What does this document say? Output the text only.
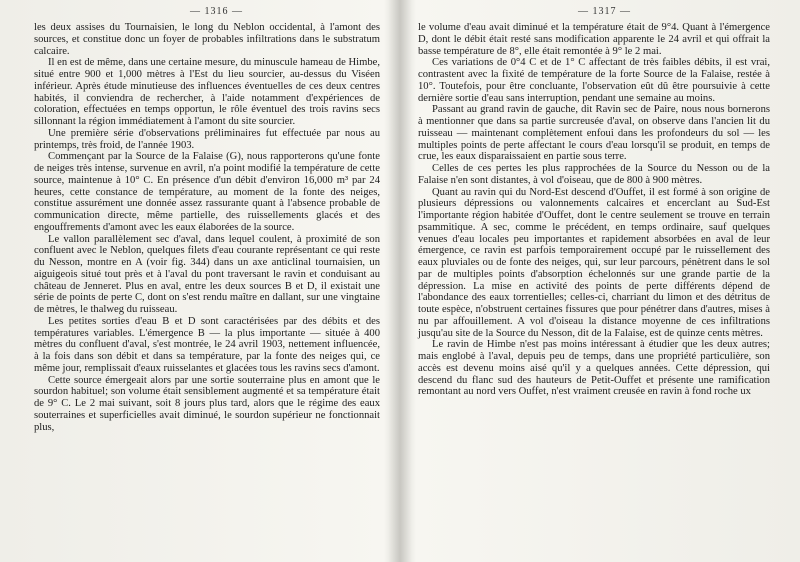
— 1316 —

les deux assises du Tournaisien, le long du Neblon occidental, à l'amont des sources, et constitue donc un foyer de probables infiltrations dans le substratum calcaire.

Il en est de même, dans une certaine mesure, du minuscule hameau de Himbe, situé entre 900 et 1,000 mètres à l'Est du lieu sourcier, au-dessus du Viséen inférieur. Après étude minutieuse des influences éventuelles de ces deux centres habités, il conviendra de rechercher, à l'aide notamment d'expériences de coloration, effectuées en temps opportun, le rôle éventuel des trois ravins secs sillonnant la région immédiatement à l'amont du site sourcier.

Une première série d'observations préliminaires fut effectuée par nous au printemps, très froid, de l'année 1903.

Commençant par la Source de la Falaise (G), nous rapporterons qu'une fonte de neiges très intense, survenue en avril, n'a point modifié la température de cette source, maintenue à 10° C. En présence d'un débit d'environ 16,000 m³ par 24 heures, cette constance de température, au moment de la fonte des neiges, constitue assurément une donnée assez rassurante quant à l'absence probable de communication directe, même partielle, des ruissellements glacés et des engouffrements d'amont avec les eaux élaborées de la source.

Le vallon parallèlement sec d'aval, dans lequel coulent, à proximité de son confluent avec le Neblon, quelques filets d'eau courante représentant ce qui reste du Nesson, montre en A (voir fig. 344) dans un axe anticlinal tournaisien, un aiguigeois situé tout près et à l'aval du pont traversant le ravin et conduisant au château de Jenneret. Plus en aval, entre les deux sources B et D, il existait une série de points de perte C, dont on s'est rendu maître en dallant, sur une vingtaine de mètres, le thalweg du ruisseau.

Les petites sorties d'eau B et D sont caractérisées par des débits et des températures variables. L'émergence B — la plus importante — située à 400 mètres du confluent d'aval, s'est montrée, le 24 avril 1903, nettement influencée, à la fois dans son débit et dans sa température, par la fonte des neiges qui, ce même jour, remplissait d'eaux ruisselantes et glacées tous les ravins secs d'amont.

Cette source émergeait alors par une sortie souterraine plus en amont que le sourdon habituel; son volume était sensiblement augmenté et sa température était de 9° C. Le 2 mai suivant, soit 8 jours plus tard, alors que le régime des eaux souterraines et superficielles avait diminué, le sourdon supérieur ne fonctionnait plus,

— 1317 —

le volume d'eau avait diminué et la température était de 9°4. Quant à l'émergence D, dont le débit était resté sans modification apparente le 24 avril et qui offrait la basse température de 8°, elle était remontée à 9° le 2 mai.

Ces variations de 0°4 C et de 1° C affectant de très faibles débits, il est vrai, contrastent avec la fixité de température de la forte Source de la Falaise, restée à 10°. Toutefois, pour être concluante, l'observation eût dû être poursuivie à cette dernière sortie d'eau sans interruption, pendant une semaine au moins.

Passant au grand ravin de gauche, dit Ravin sec de Paire, nous nous bornerons à mentionner que dans sa partie surcreusée d'aval, on observe dans l'ancien lit du ruisseau — maintenant complètement enfoui dans les profondeurs du sol — les multiples points de perte affectant le cours d'eau lorsqu'il se produit, en temps de crue, les eaux disparaissaient en partie sous terre.

Celles de ces pertes les plus rapprochées de la Source du Nesson ou de la Falaise n'en sont distantes, à vol d'oiseau, que de 800 à 900 mètres.

Quant au ravin qui du Nord-Est descend d'Ouffet, il est formé à son origine de plusieurs dépressions ou valonnements calcaires et encerclant au Sud-Est l'importante région habitée d'Ouffet, dont le centre seulement se trouve en terrain psammitique. A sec, comme le précédent, en temps ordinaire, sauf quelques venues d'eau locales peu importantes et rapidement absorbées en aval de leur émergence, ce ravin est parfois temporairement occupé par le ruissellement des eaux pluviales ou de fonte des neiges, qui, sur leur parcours, pénètrent dans le sol par de multiples points d'absorption échelonnés sur une grande partie de la dépression. La mise en activité des points de perte différents dépend de l'abondance des eaux torrentielles; celles-ci, charriant du limon et des détritus de toute espèce, n'obstruent certaines fissures que pour pénétrer dans d'autres, mises à nu par affouillement. A vol d'oiseau la distance moyenne de ces infiltrations jusqu'au site de la Source du Nesson, dit de la Falaise, est de quinze cents mètres.

Le ravin de Himbe n'est pas moins intéressant à étudier que les deux autres; mais englobé à l'aval, depuis peu de temps, dans une propriété particulière, son accès est devenu moins aisé qu'il y a quelques années. Cette dépression, qui descend du flanc sud des hauteurs de Petit-Ouffet et présente une ramification remontant au nord vers Ouffet, n'est vraiment creusée en ravin à fond roche ux
